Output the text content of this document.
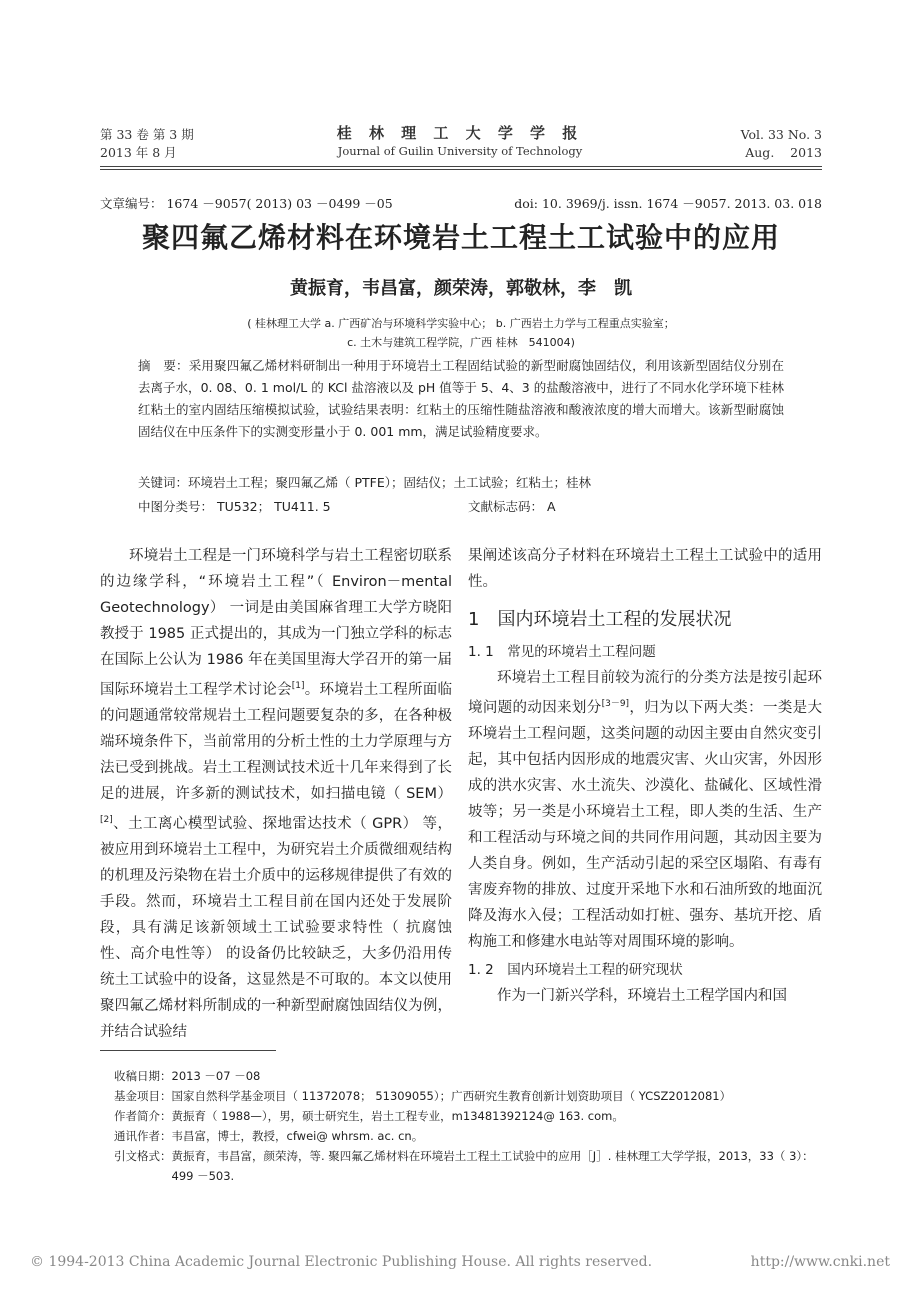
第 33 卷 第 3 期
2013 年 8 月
桂 林 理 工 大 学 学 报
Journal of Guilin University of Technology
Vol. 33 No. 3
Aug.    2013
文章编号： 1674 －9057( 2013) 03 －0499 －05	doi: 10. 3969/j. issn. 1674 －9057. 2013. 03. 018
聚四氟乙烯材料在环境岩土工程土工试验中的应用
黄振育，韦昌富，颜荣涛，郭敬林，李　凯
( 桂林理工大学 a. 广西矿冶与环境科学实验中心； b. 广西岩土力学与工程重点实验室；
c. 土木与建筑工程学院，广西 桂林　541004)
摘　要：采用聚四氟乙烯材料研制出一种用于环境岩土工程固结试验的新型耐腐蚀固结仪，利用该新型固结仪分别在去离子水，0. 08、0. 1 mol/L 的 KCl 盐溶液以及 pH 值等于 5、4、3 的盐酸溶液中，进行了不同水化学环境下桂林红粘土的室内固结压缩模拟试验，试验结果表明：红粘土的压缩性随盐溶液和酸液浓度的增大而增大。该新型耐腐蚀固结仪在中压条件下的实测变形量小于 0. 001 mm，满足试验精度要求。
关键词：环境岩土工程；聚四氟乙烯（ PTFE）；固结仪；土工试验；红粘土；桂林
中图分类号： TU532； TU411. 5	文献标志码： A

环境岩土工程是一门环境科学与岩土工程密切联系的边缘学科，“环境岩土工程”（ Environ－mental Geotechnology） 一词是由美国麻省理工大学方晓阳教授于 1985 正式提出的，其成为一门独立学科的标志在国际上公认为 1986 年在美国里海大学召开的第一届国际环境岩土工程学术讨论会[1]。环境岩土工程所面临的问题通常较常规岩土工程问题要复杂的多，在各种极端环境条件下，当前常用的分析土性的土力学原理与方法已受到挑战。岩土工程测试技术近十几年来得到了长足的进展，许多新的测试技术，如扫描电镜（ SEM）[2]、土工离心模型试验、探地雷达技术（ GPR） 等，被应用到环境岩土工程中，为研究岩土介质微细观结构的机理及污染物在岩土介质中的运移规律提供了有效的手段。然而，环境岩土工程目前在国内还处于发展阶段，具有满足该新领域土工试验要求特性（ 抗腐蚀性、高介电性等） 的设备仍比较缺乏，大多仍沿用传统土工试验中的设备，这显然是不可取的。本文以使用聚四氟乙烯材料所制成的一种新型耐腐蚀固结仪为例，并结合试验结

果阐述该高分子材料在环境岩土工程土工试验中的适用性。

1　国内环境岩土工程的发展状况

1. 1　常见的环境岩土工程问题

环境岩土工程目前较为流行的分类方法是按引起环境问题的动因来划分[3－9]，归为以下两大类：一类是大环境岩土工程问题，这类问题的动因主要由自然灾变引起，其中包括内因形成的地震灾害、火山灾害，外因形成的洪水灾害、水土流失、沙漠化、盐碱化、区域性滑坡等；另一类是小环境岩土工程，即人类的生活、生产和工程活动与环境之间的共同作用问题，其动因主要为人类自身。例如，生产活动引起的采空区塌陷、有毒有害废弃物的排放、过度开采地下水和石油所致的地面沉降及海水入侵；工程活动如打桩、强夯、基坑开挖、盾构施工和修建水电站等对周围环境的影响。

1. 2　国内环境岩土工程的研究现状

作为一门新兴学科，环境岩土工程学国内和国

收稿日期： 2013 －07 －08
基金项目： 国家自然科学基金项目（ 11372078； 51309055）；广西研究生教育创新计划资助项目（ YCSZ2012081）
作者简介： 黄振育（ 1988—），男，硕士研究生，岩土工程专业，m13481392124@ 163. com。
通讯作者： 韦昌富，博士，教授，cfwei@ whrsm. ac. cn。
引文格式： 黄振育，韦昌富，颜荣涛，等. 聚四氟乙烯材料在环境岩土工程土工试验中的应用［J］. 桂林理工大学学报，2013，33（ 3）：499 －503.
© 1994-2013 China Academic Journal Electronic Publishing House. All rights reserved.	http://www.cnki.net
